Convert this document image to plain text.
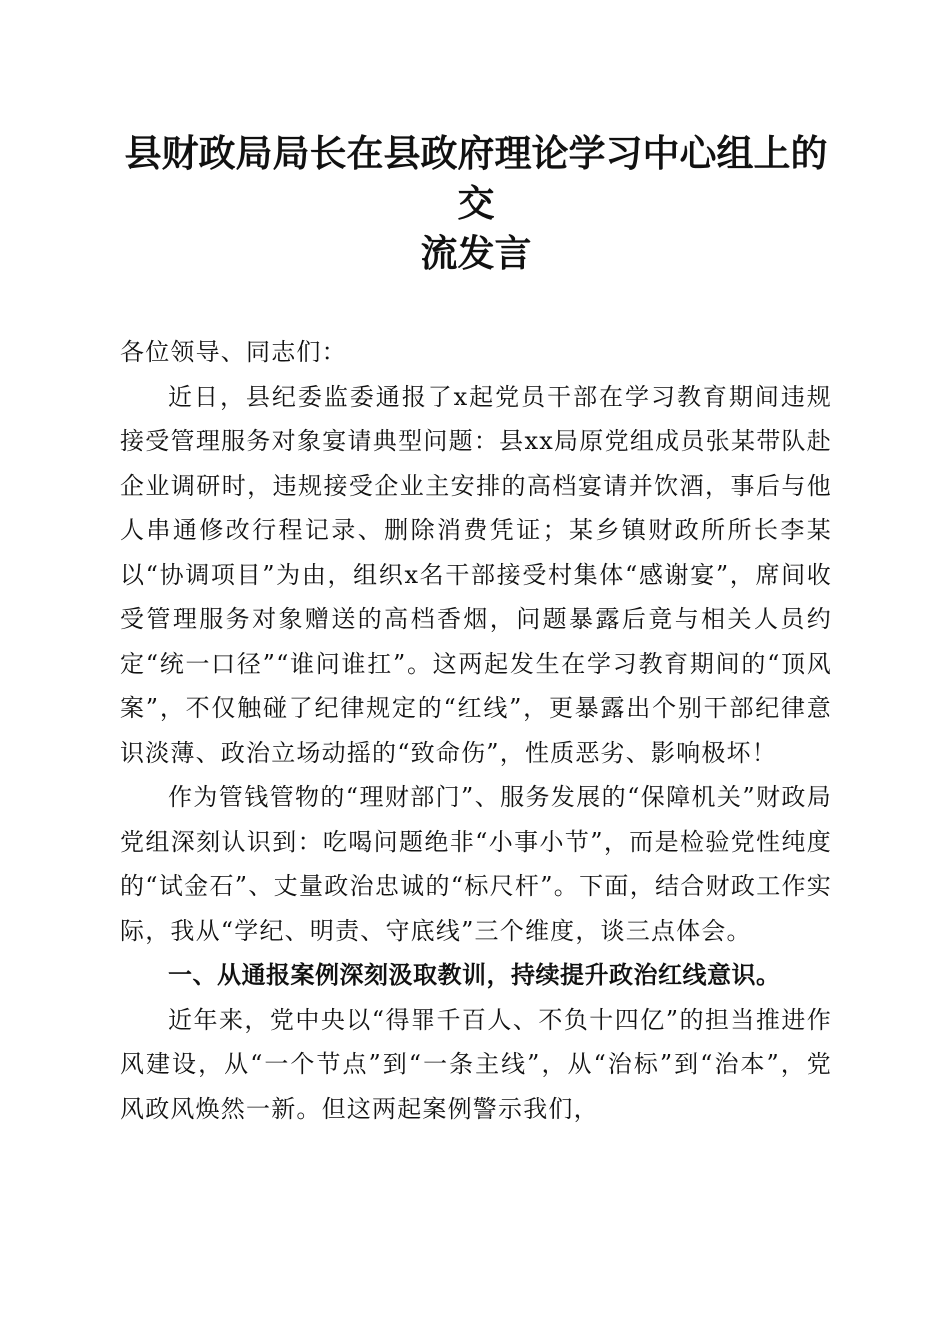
县财政局局长在县政府理论学习中心组上的交
流发言

各位领导、同志们：

近日，县纪委监委通报了x起党员干部在学习教育期间违规接受管理服务对象宴请典型问题：县xx局原党组成员张某带队赴企业调研时，违规接受企业主安排的高档宴请并饮酒，事后与他人串通修改行程记录、删除消费凭证；某乡镇财政所所长李某以“协调项目”为由，组织x名干部接受村集体“感谢宴”，席间收受管理服务对象赠送的高档香烟，问题暴露后竟与相关人员约定“统一口径”“谁问谁扛”。这两起发生在学习教育期间的“顶风案”，不仅触碰了纪律规定的“红线”，更暴露出个别干部纪律意识淡薄、政治立场动摇的“致命伤”，性质恶劣、影响极坏！

作为管钱管物的“理财部门”、服务发展的“保障机关”财政局党组深刻认识到：吃喝问题绝非“小事小节”，而是检验党性纯度的“试金石”、丈量政治忠诚的“标尺杆”。下面，结合财政工作实际，我从“学纪、明责、守底线”三个维度，谈三点体会。

一、从通报案例深刻汲取教训，持续提升政治红线意识。

近年来，党中央以“得罪千百人、不负十四亿”的担当推进作风建设，从“一个节点”到“一条主线”，从“治标”到“治本”，党风政风焕然一新。但这两起案例警示我们，
